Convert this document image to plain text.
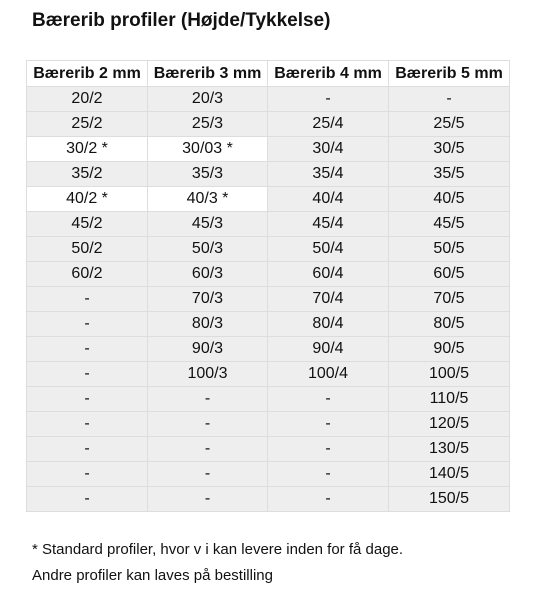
Bærerib profiler (Højde/Tykkelse)
Bærerib 2 mm	Bærerib 3 mm	Bærerib 4 mm	Bærerib 5 mm
20/2	20/3	-	-
25/2	25/3	25/4	25/5
30/2 *	30/03 *	30/4	30/5
35/2	35/3	35/4	35/5
40/2 *	40/3 *	40/4	40/5
45/2	45/3	45/4	45/5
50/2	50/3	50/4	50/5
60/2	60/3	60/4	60/5
-	70/3	70/4	70/5
-	80/3	80/4	80/5
-	90/3	90/4	90/5
-	100/3	100/4	100/5
-	-	-	110/5
-	-	-	120/5
-	-	-	130/5
-	-	-	140/5
-	-	-	150/5

* Standard profiler, hvor v i kan levere inden for få dage.

Andre profiler kan laves på bestilling
